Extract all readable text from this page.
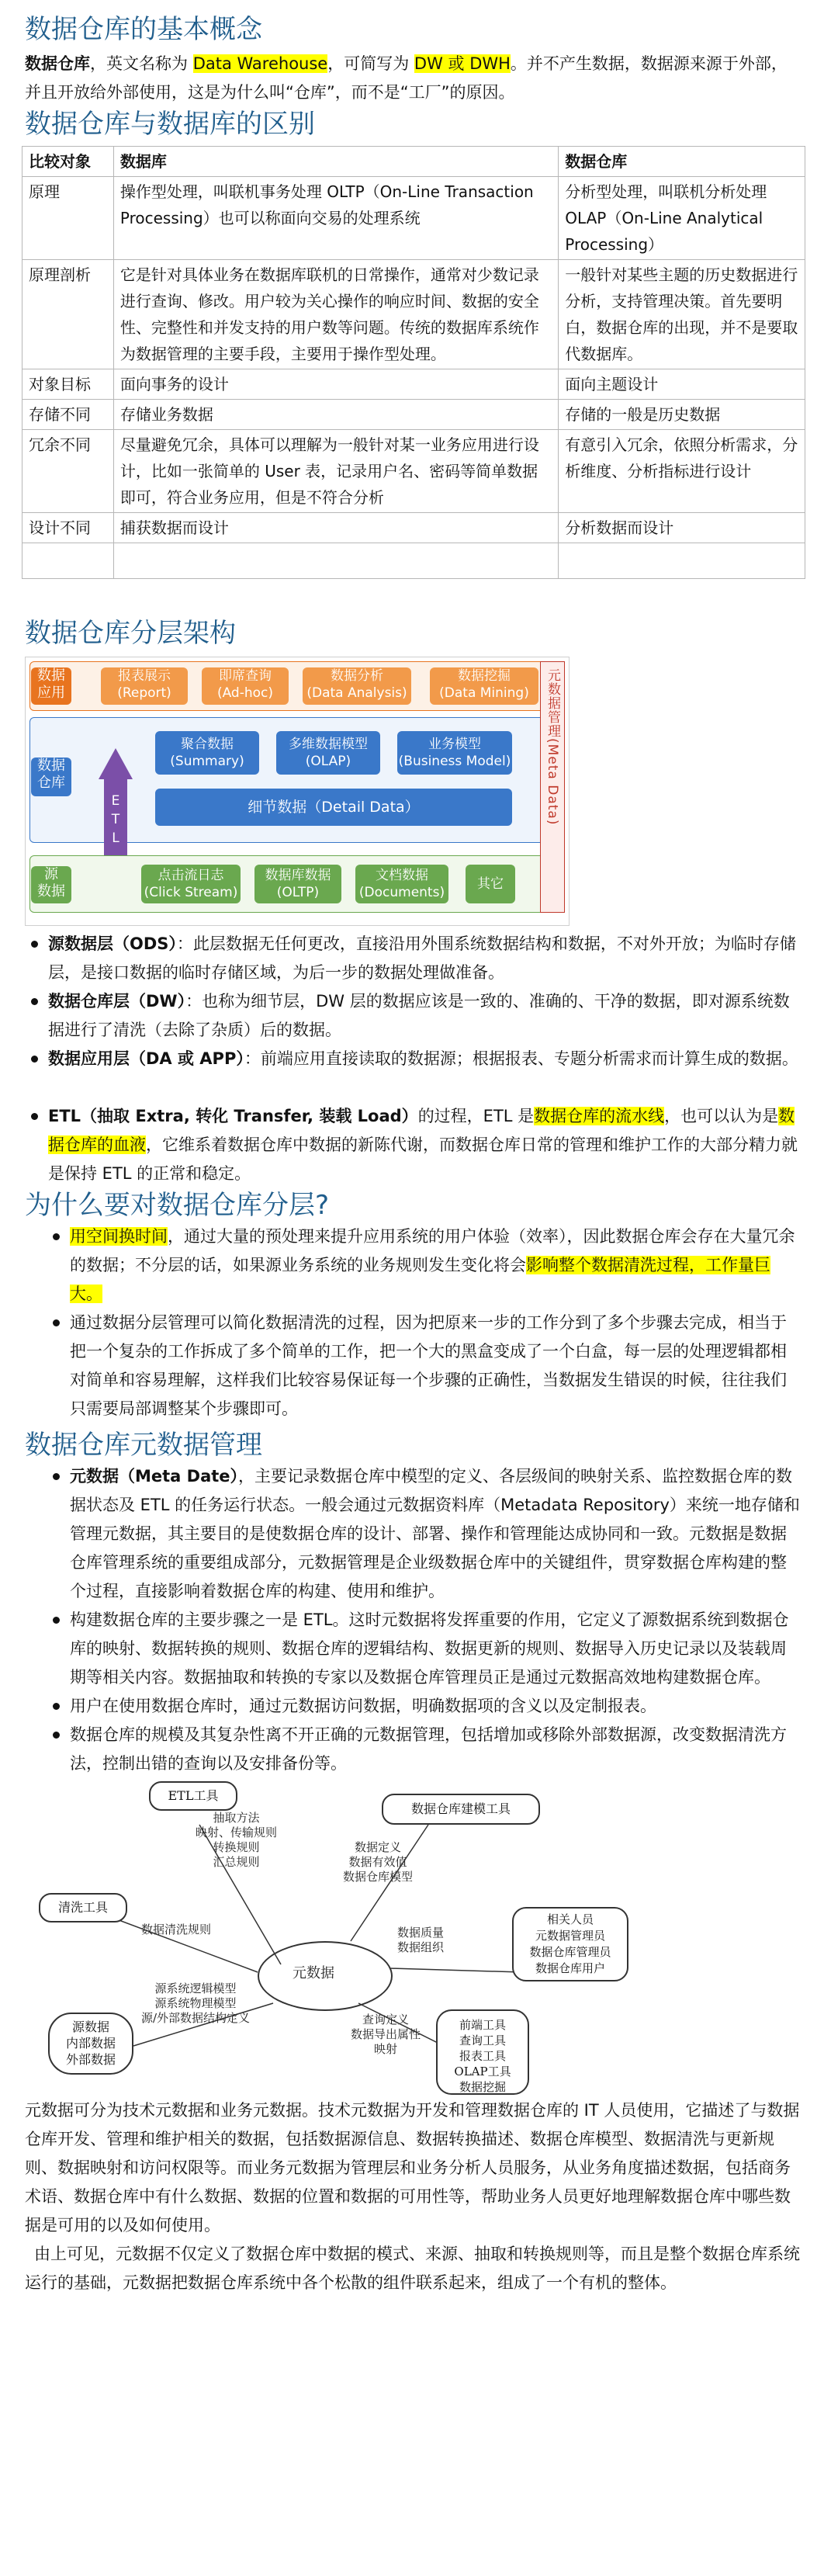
数据仓库的基本概念

数据仓库，英文名称为 Data Warehouse，可简写为 DW 或 DWH。并不产生数据，数据源来源于外部，并且开放给外部使用，这是为什么叫“仓库”，而不是“工厂”的原因。

数据仓库与数据库的区别
比较对象	数据库	数据仓库
原理	操作型处理，叫联机事务处理 OLTP（On-Line Transaction Processing）也可以称面向交易的处理系统	分析型处理，叫联机分析处理 OLAP（On-Line Analytical Processing）
原理剖析	它是针对具体业务在数据库联机的日常操作，通常对少数记录进行查询、修改。用户较为关心操作的响应时间、数据的安全性、完整性和并发支持的用户数等问题。传统的数据库系统作为数据管理的主要手段，主要用于操作型处理。	一般针对某些主题的历史数据进行分析，支持管理决策。首先要明白，数据仓库的出现，并不是要取代数据库。
对象目标	面向事务的设计	面向主题设计
存储不同	存储业务数据	存储的一般是历史数据
冗余不同	尽量避免冗余，具体可以理解为一般针对某一业务应用进行设计，比如一张简单的 User 表，记录用户名、密码等简单数据即可，符合业务应用，但是不符合分析	有意引入冗余，依照分析需求，分析维度、分析指标进行设计
设计不同	捕获数据而设计	分析数据而设计

数据仓库分层架构
数据
应用
报表展示
(Report)
即席查询
(Ad-hoc)
数据分析
(Data Analysis)
数据挖掘
(Data Mining)
数据
仓库
E
T
L
聚合数据
(Summary)
多维数据模型
(OLAP)
业务模型
(Business Model)
细节数据（Detail Data）
源
数据
点击流日志
(Click Stream)
数据库数据
(OLTP)
文档数据
(Documents)
其它
元数据管理(Meta Data)
源数据层（ODS）：此层数据无任何更改，直接沿用外围系统数据结构和数据，不对外开放；为临时存储层，是接口数据的临时存储区域，为后一步的数据处理做准备。
数据仓库层（DW）：也称为细节层，DW 层的数据应该是一致的、准确的、干净的数据，即对源系统数据进行了清洗（去除了杂质）后的数据。
数据应用层（DA 或 APP）：前端应用直接读取的数据源；根据报表、专题分析需求而计算生成的数据。
ETL（抽取 Extra, 转化 Transfer, 装载 Load）的过程，ETL 是数据仓库的流水线，也可以认为是数据仓库的血液，它维系着数据仓库中数据的新陈代谢，而数据仓库日常的管理和维护工作的大部分精力就是保持 ETL 的正常和稳定。
为什么要对数据仓库分层?
用空间换时间，通过大量的预处理来提升应用系统的用户体验（效率），因此数据仓库会存在大量冗余的数据；不分层的话，如果源业务系统的业务规则发生变化将会影响整个数据清洗过程，工作量巨大。
通过数据分层管理可以简化数据清洗的过程，因为把原来一步的工作分到了多个步骤去完成，相当于把一个复杂的工作拆成了多个简单的工作，把一个大的黑盒变成了一个白盒，每一层的处理逻辑都相对简单和容易理解，这样我们比较容易保证每一个步骤的正确性，当数据发生错误的时候，往往我们只需要局部调整某个步骤即可。
数据仓库元数据管理
元数据（Meta Date），主要记录数据仓库中模型的定义、各层级间的映射关系、监控数据仓库的数据状态及 ETL 的任务运行状态。一般会通过元数据资料库（Metadata Repository）来统一地存储和管理元数据，其主要目的是使数据仓库的设计、部署、操作和管理能达成协同和一致。元数据是数据仓库管理系统的重要组成部分，元数据管理是企业级数据仓库中的关键组件，贯穿数据仓库构建的整个过程，直接影响着数据仓库的构建、使用和维护。
构建数据仓库的主要步骤之一是 ETL。这时元数据将发挥重要的作用，它定义了源数据系统到数据仓库的映射、数据转换的规则、数据仓库的逻辑结构、数据更新的规则、数据导入历史记录以及装载周期等相关内容。数据抽取和转换的专家以及数据仓库管理员正是通过元数据高效地构建数据仓库。
用户在使用数据仓库时，通过元数据访问数据，明确数据项的含义以及定制报表。
数据仓库的规模及其复杂性离不开正确的元数据管理，包括增加或移除外部数据源，改变数据清洗方法，控制出错的查询以及安排备份等。
元数据
ETL工具
抽取方法
映射、传输规则
转换规则
汇总规则
清洗工具
数据清洗规则
数据仓库建模工具
数据定义
数据有效值
数据仓库模型
数据质量
数据组织
相关人员
元数据管理员
数据仓库管理员
数据仓库用户
源系统逻辑模型
源系统物理模型
源/外部数据结构定义
源数据
内部数据
外部数据
查询定义
数据导出属性
映射
前端工具
查询工具
报表工具
OLAP工具
数据挖掘

元数据可分为技术元数据和业务元数据。技术元数据为开发和管理数据仓库的 IT 人员使用，它描述了与数据仓库开发、管理和维护相关的数据，包括数据源信息、数据转换描述、数据仓库模型、数据清洗与更新规则、数据映射和访问权限等。而业务元数据为管理层和业务分析人员服务，从业务角度描述数据，包括商务术语、数据仓库中有什么数据、数据的位置和数据的可用性等，帮助业务人员更好地理解数据仓库中哪些数据是可用的以及如何使用。

由上可见，元数据不仅定义了数据仓库中数据的模式、来源、抽取和转换规则等，而且是整个数据仓库系统运行的基础，元数据把数据仓库系统中各个松散的组件联系起来，组成了一个有机的整体。
